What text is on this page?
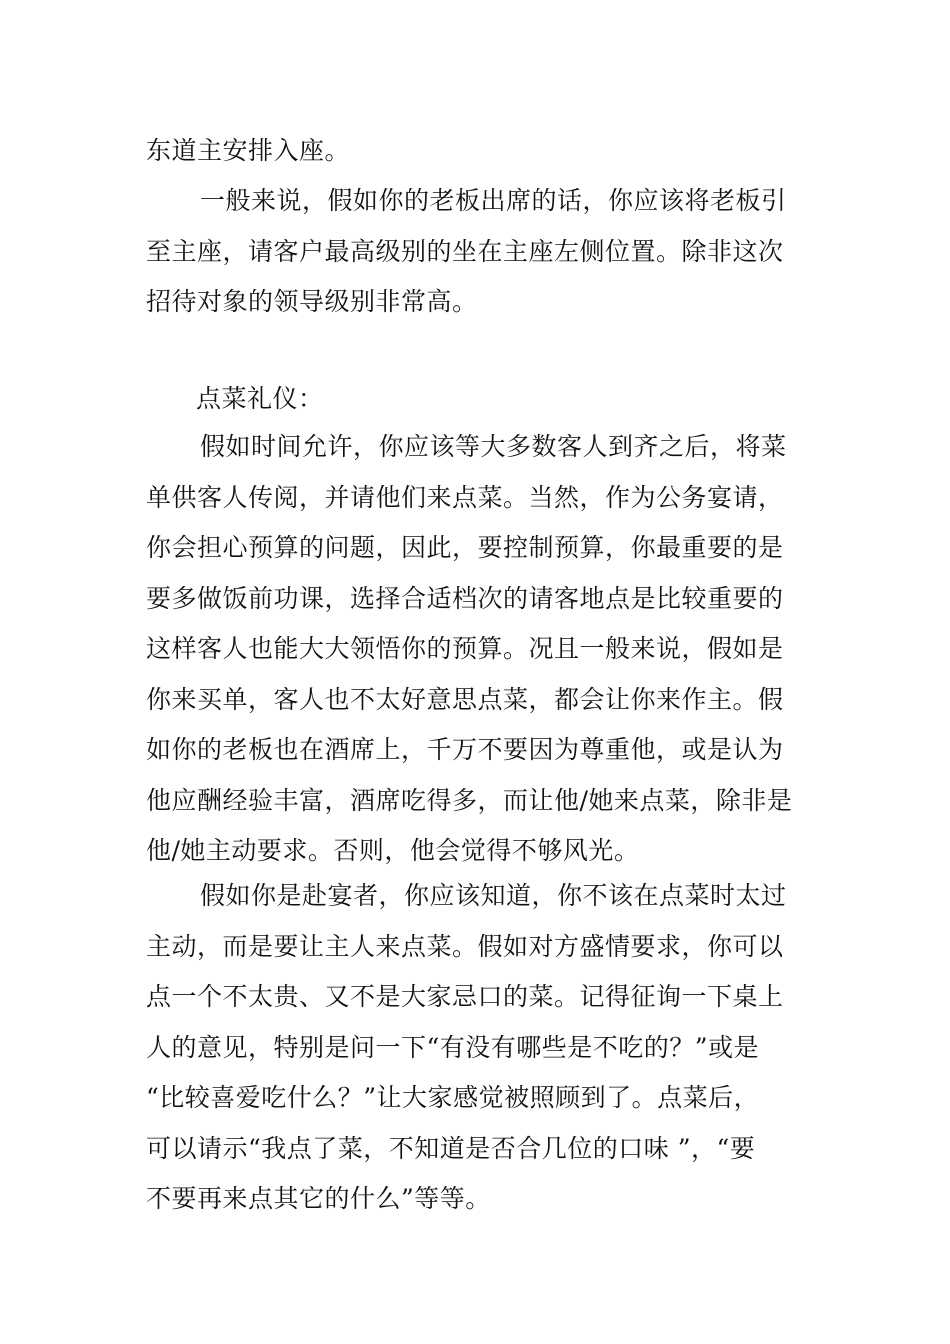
东道主安排入座。
一般来说，假如你的老板出席的话，你应该将老板引
至主座，请客户最高级别的坐在主座左侧位置。除非这次
招待对象的领导级别非常高。
点菜礼仪：
假如时间允许，你应该等大多数客人到齐之后，将菜
单供客人传阅，并请他们来点菜。当然，作为公务宴请，
你会担心预算的问题，因此，要控制预算，你最重要的是
要多做饭前功课，选择合适档次的请客地点是比较重要的
这样客人也能大大领悟你的预算。况且一般来说，假如是
你来买单，客人也不太好意思点菜，都会让你来作主。假
如你的老板也在酒席上，千万不要因为尊重他，或是认为
他应酬经验丰富，酒席吃得多，而让他/她来点菜，除非是
他/她主动要求。否则，他会觉得不够风光。
假如你是赴宴者，你应该知道，你不该在点菜时太过
主动，而是要让主人来点菜。假如对方盛情要求，你可以
点一个不太贵、又不是大家忌口的菜。记得征询一下桌上
人的意见，特别是问一下“有没有哪些是不吃的？”或是
“比较喜爱吃什么？”让大家感觉被照顾到了。点菜后，
可以请示“我点了菜，不知道是否合几位的口味 ”，“要
不要再来点其它的什么”等等。
